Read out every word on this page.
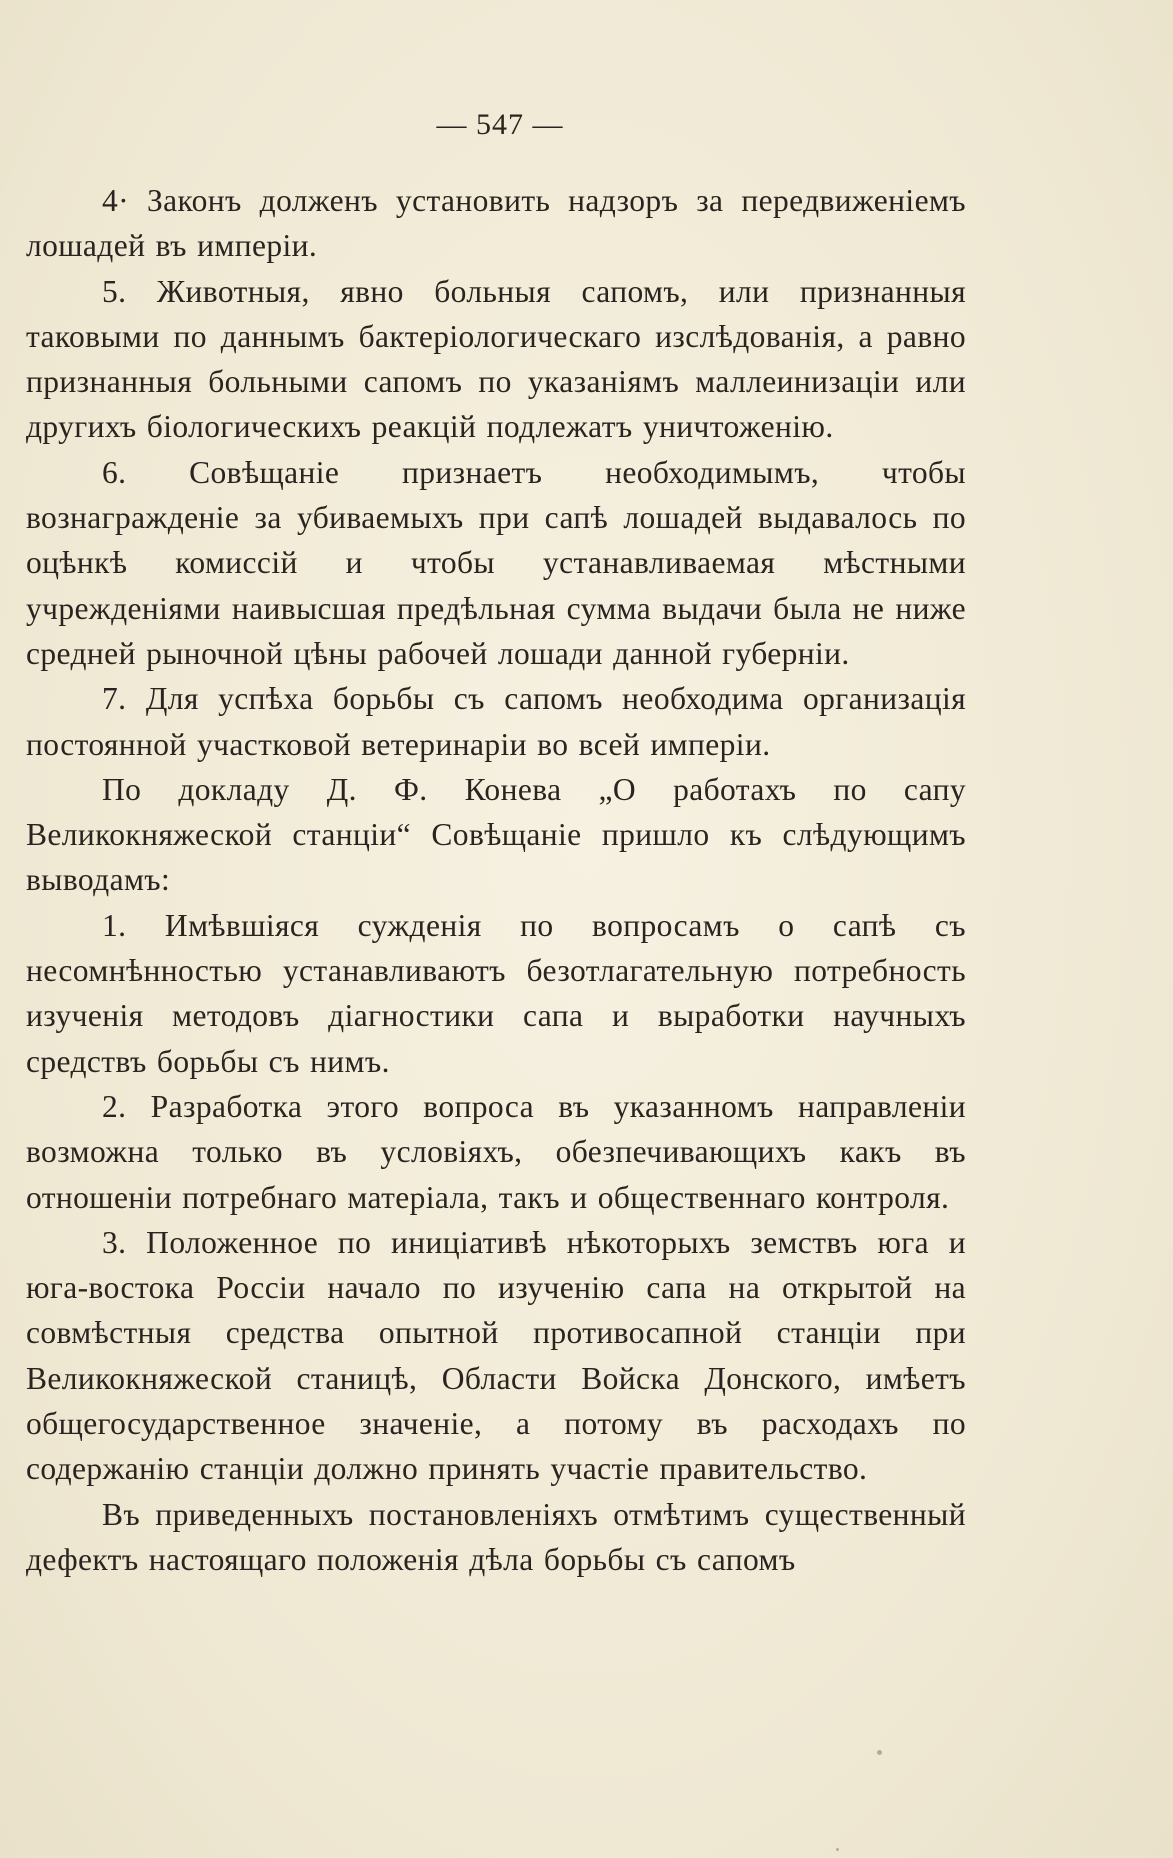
— 547 —

4· Законъ долженъ установить надзоръ за передвиженіемъ лошадей въ имперіи.

5. Животныя, явно больныя сапомъ, или признанныя таковыми по даннымъ бактеріологическаго изслѣдованія, а равно признанныя больными сапомъ по указаніямъ маллеинизаціи или другихъ біологическихъ реакцій подлежатъ уничтоженію.

6. Совѣщаніе признаетъ необходимымъ, чтобы вознагражденіе за убиваемыхъ при сапѣ лошадей выдавалось по оцѣнкѣ комиссій и чтобы устанавливаемая мѣстными учрежденіями наивысшая предѣльная сумма выдачи была не ниже средней рыночной цѣны рабочей лошади данной губерніи.

7. Для успѣха борьбы съ сапомъ необходима организація постоянной участковой ветеринаріи во всей имперіи.

По докладу Д. Ф. Конева „О работахъ по сапу Великокняжеской станціи“ Совѣщаніе пришло къ слѣдующимъ выводамъ:

1. Имѣвшіяся сужденія по вопросамъ о сапѣ съ несомнѣнностью устанавливаютъ безотлагательную потребность изученія методовъ діагностики сапа и выработки научныхъ средствъ борьбы съ нимъ.

2. Разработка этого вопроса въ указанномъ направленіи возможна только въ условіяхъ, обезпечивающихъ какъ въ отношеніи потребнаго матеріала, такъ и общественнаго контроля.

3. Положенное по иниціативѣ нѣкоторыхъ земствъ юга и юга-востока Россіи начало по изученію сапа на открытой на совмѣстныя средства опытной противосапной станціи при Великокняжеской станицѣ, Области Войска Донского, имѣетъ общегосударственное значеніе, а потому въ расходахъ по содержанію станціи должно принять участіе правительство.

Въ приведенныхъ постановленіяхъ отмѣтимъ существенный дефектъ настоящаго положенія дѣла борьбы съ сапомъ
